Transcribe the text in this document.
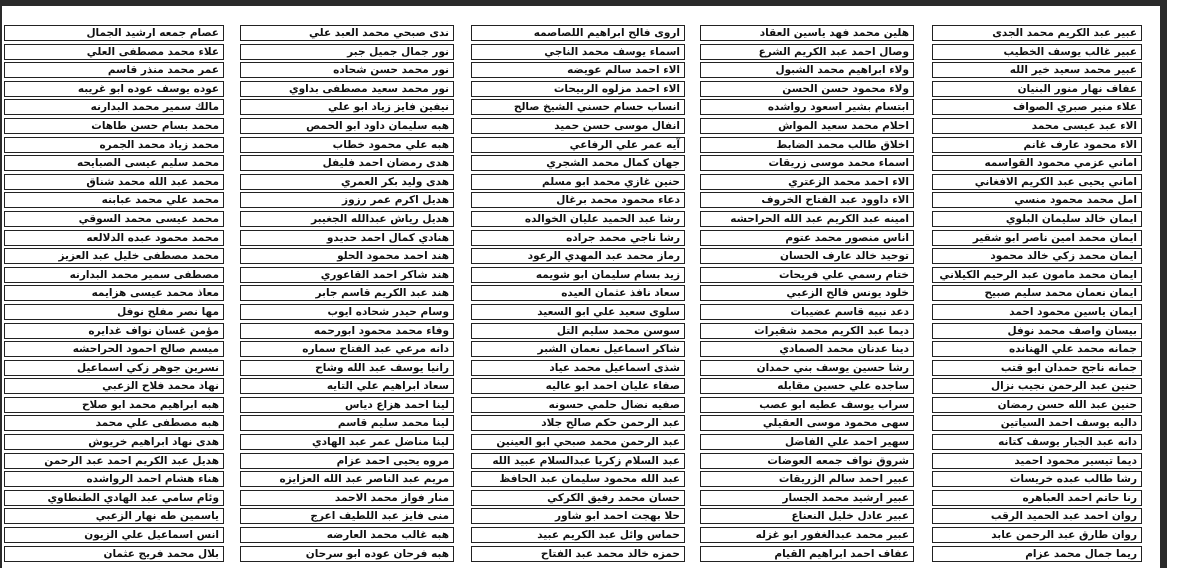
عبير عبد الكريم محمد الجدى
عبير غالب يوسف الخطيب
عبير محمد سعيد خير الله
عفاف نهار منور البنيان
علاء منير صبري الصواف
الاء عبد عيسى محمد
الاء محمود عارف غانم
اماني عزمي محمود القواسمه
اماني يحيى عبد الكريم الافغاني
امل محمد محمود منسي
ايمان خالد سليمان البلوي
ايمان محمد امين ناصر ابو شقير
ايمان محمد زكي خالد محمود
ايمان محمد مامون عبد الرحيم الكيلاني
ايمان نعمان محمد سليم صبيح
ايمان ياسين محمود احمد
بيسان واصف محمد نوفل
جمانه محمد علي الهنانده
جمانه ناجح حمدان ابو قتب
حنين عبد الرحمن نجيب نزال
حنين عبد الله حسن رمضان
داليه يوسف احمد السياتين
دانه عبد الجبار يوسف كتانه
ديما تيسير محمود احميد
رشا طالب عبده خريسات
رنا حاتم احمد العباهره
روان احمد عبد الحميد الرقب
روان طارق عبد الرحمن عابد
ريما جمال محمد عزام
هلين محمد فهد ياسين العقاد
وصال احمد عبد الكريم الشرع
ولاء ابراهيم محمد الشبول
ولاء محمود حسن الحسن
ابتسام بشير اسعود رواشده
احلام محمد سعيد المواش
اخلاق طالب محمد الضابط
اسماء محمد موسى زريقات
الاء احمد محمد الزعتري
الاء داوود عبد الفتاح الخروف
امينه عبد الكريم عبد الله الحراحشه
اناس منصور محمد عتوم
توحيد خالد عارف الحسان
ختام رسمي علي فريحات
خلود يونس فالح الزعبي
دعد نبيه قاسم عضيبات
ديما عبد الكريم محمد شقيرات
دينا عدنان محمد الصمادي
رشا حسين يوسف بني حمدان
ساجده علي حسين مقابله
سراب يوسف عطيه ابو عصب
سهى محمود موسى العقيلي
سهير احمد علي الفاضل
شروق نواف جمعه العوضات
عبير احمد سالم الزريقات
عبير ارشيد محمد الجسار
عبير عادل خليل النعناع
عبير محمد عبدالغفور ابو غزله
عفاف احمد ابراهيم القيام
اروى فالح ابراهيم اللصاصمه
اسماء يوسف محمد الناجي
الاء احمد سالم عويضه
الاء احمد مزلوه الربيحات
انساب حسام حسني الشيخ صالح
انفال موسى حسن حميد
آيه عمر علي الرفاعي
جهان كمال محمد الشجري
حنين غازي محمد ابو مسلم
دعاء محمود محمد برغال
رشا عبد الحميد عليان الخوالده
رشا ناجي محمد جراده
رماز محمد عبد المهدي الرعود
زيد بسام سليمان ابو شويمه
سعاد نافذ عثمان العيده
سلوى سعيد علي ابو السعيد
سوسن محمد سليم التل
شاكر اسماعيل نعمان الشبر
شذى اسماعيل محمد عياد
صفاء عليان احمد ابو عاليه
صفيه نضال حلمي حسونه
عبد الرحمن حكم صالح جلاد
عبد الرحمن محمد صبحي ابو العينين
عبد السلام زكريا عبدالسلام عبيد الله
عبد الله محمود سليمان عبد الحافظ
حسان محمد رفيق الكركي
حلا بهجت احمد ابو شاور
حماس وائل عبد الكريم عبيد
حمزه خالد محمد عبد الفتاح
ندى صبحي محمد العبد علي
نور جمال جميل جبر
نور محمد حسن شحاده
نور محمد سعيد مصطفى بداوي
نيفين فايز زياد ابو علي
هبه سليمان داود ابو الحمص
هبه علي محمود خطاب
هدى رمضان احمد فليفل
هدى وليد بكر العمري
هديل اكرم عمر رزوز
هديل رياش عبدالله الجغيبر
هنادي كمال احمد حديدو
هند احمد محمود الحلو
هند شاكر احمد القاعوري
هند عبد الكريم قاسم جابر
وسام حيدر شحاده ايوب
وفاء محمد محمود ابورحمه
دانه مرعي عبد الفتاح سماره
رانيا يوسف عبد الله وشاح
سعاد ابراهيم علي التايه
لينا احمد هزاع دياس
لينا محمد سليم قاسم
لينا مناضل عمر عبد الهادي
مروه يحيى احمد عزام
مريم عبد الناصر عبد الله العزايزه
منار فواز محمد الاحمد
منى فايز عبد اللطيف اعرج
هبه غالب محمد العارضه
هبه فرحان عوده ابو سرحان
عصام جمعه ارشيد الجمال
علاء محمد مصطفى العلي
عمر محمد منذر قاسم
عوده يوسف عوده ابو غريبه
مالك سمير محمد البدارنه
محمد بسام حسن طاهات
محمد زياد محمد الجمره
محمد سليم عيسى الصبايحه
محمد عبد الله محمد شناق
محمد علي محمد عبابنه
محمد عيسى محمد السوقي
محمد محمود عبده الدلالعه
محمد مصطفى خليل عبد العزيز
مصطفى سمير محمد البدارنه
معاذ محمد عيسى هزايمه
مها نصر مفلح نوفل
مؤمن غسان نواف غدايره
ميسم صالح احمود الحراحشه
نسرين جوهر زكي اسماعيل
نهاد محمد فلاح الزعبي
هبه ابراهيم محمد ابو صلاح
هبه مصطفى علي محمد
هدى نهاد ابراهيم خريوش
هديل عبد الكريم احمد عبد الرحمن
هناء هشام احمد الرواشده
وئام سامي عبد الهادي الطنطاوي
ياسمين طه نهار الزعبي
انس اسماعيل علي الزيون
بلال محمد فريج عثمان
